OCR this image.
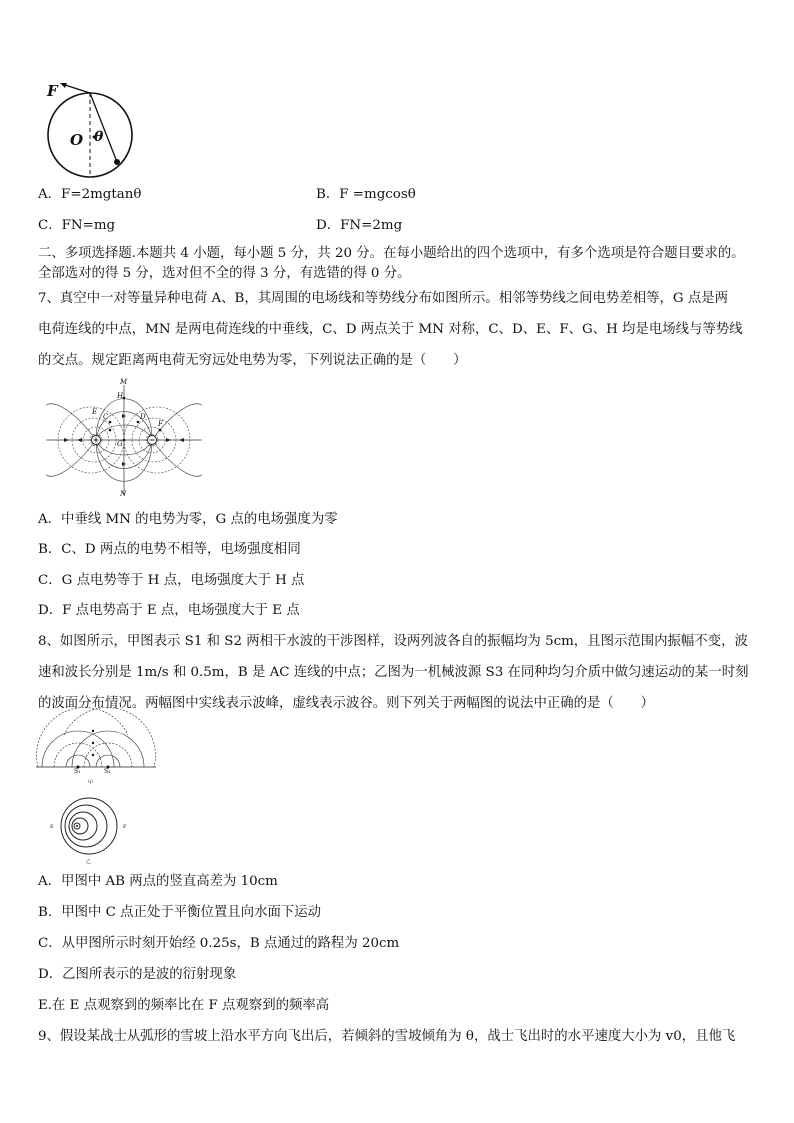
F
O θ
A．F=2mgtanθ	B．F =mgcosθ
C．FN=mg	D．FN=2mg
二、多项选择题.本题共 4 小题，每小题 5 分，共 20 分。在每小题给出的四个选项中，有多个选项是符合题目要求的。
全部选对的得 5 分，选对但不全的得 3 分，有选错的得 0 分。
7、真空中一对等量异种电荷 A、B，其周围的电场线和等势线分布如图所示。相邻等势线之间电势差相等，G 点是两
电荷连线的中点，MN 是两电荷连线的中垂线，C、D 两点关于 MN 对称，C、D、E、F、G、H 均是电场线与等势线
的交点。规定距离两电荷无穷远处电势为零，下列说法正确的是（　　）
M
H
C	D
E
F
G
N
A．中垂线 MN 的电势为零，G 点的电场强度为零
B．C、D 两点的电势不相等，电场强度相同
C．G 点电势等于 H 点，电场强度大于 H 点
D．F 点电势高于 E 点，电场强度大于 E 点
8、如图所示，甲图表示 S1 和 S2 两相干水波的干涉图样，设两列波各自的振幅均为 5cm，且图示范围内振幅不变，波
速和波长分别是 1m/s 和 0.5m，B 是 AC 连线的中点；乙图为一机械波源 S3 在同种均匀介质中做匀速运动的某一时刻
的波面分布情况。两幅图中实线表示波峰，虚线表示波谷。则下列关于两幅图的说法中正确的是（　　）
S₁	S₂
甲
E	F
乙
A．甲图中 AB 两点的竖直高差为 10cm
B．甲图中 C 点正处于平衡位置且向水面下运动
C．从甲图所示时刻开始经 0.25s，B 点通过的路程为 20cm
D．乙图所表示的是波的衍射现象
E.在 E 点观察到的频率比在 F 点观察到的频率高
9、假设某战士从弧形的雪坡上沿水平方向飞出后，若倾斜的雪坡倾角为 θ，战士飞出时的水平速度大小为 v0，且他飞
